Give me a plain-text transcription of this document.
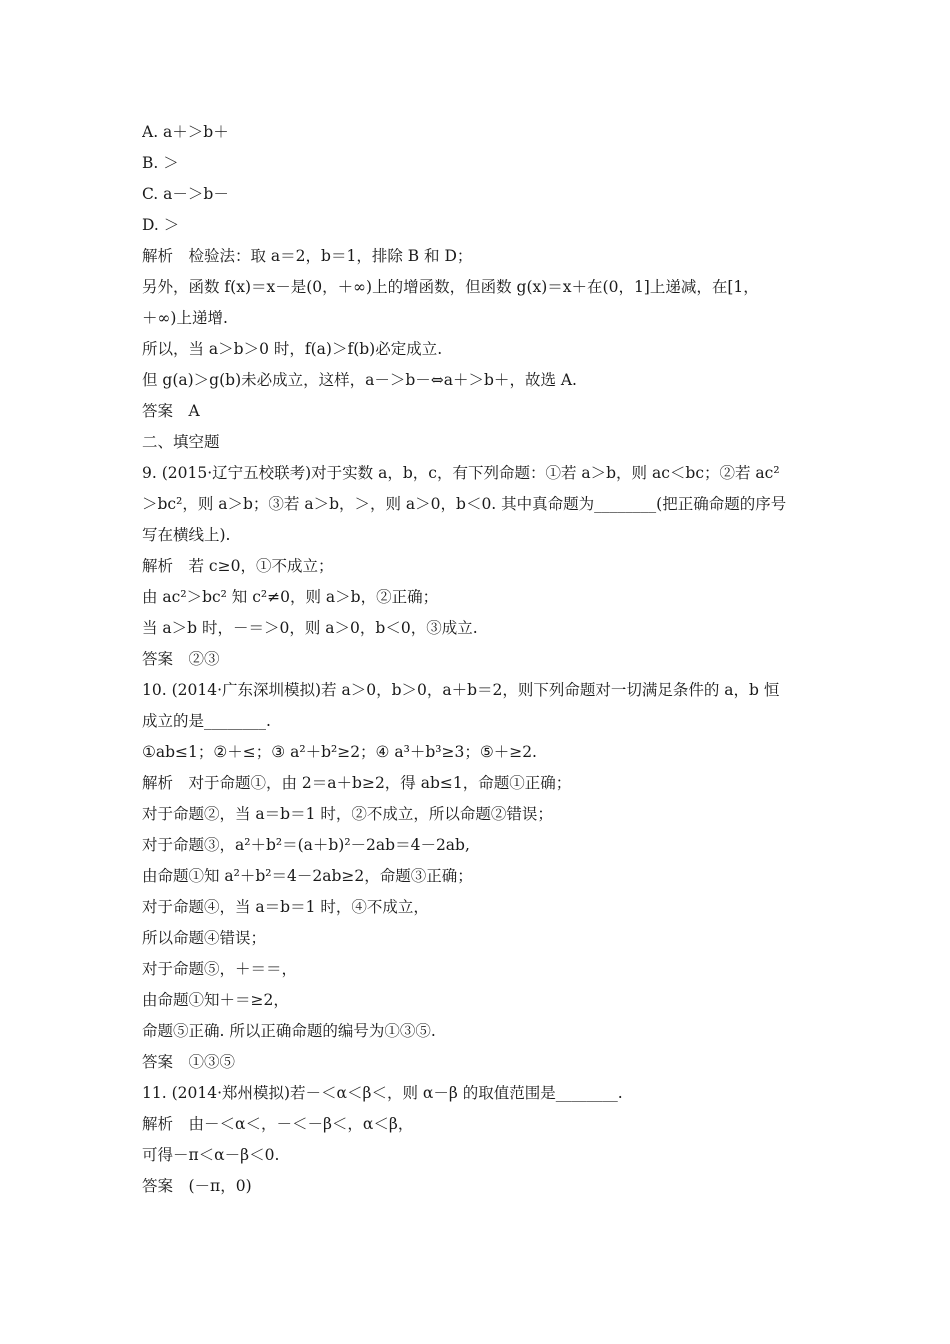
A. a＋＞b＋
B. ＞
C. a－＞b－
D. ＞
解析　检验法：取 a＝2，b＝1，排除 B 和 D；
另外，函数 f(x)＝x－是(0，＋∞)上的增函数，但函数 g(x)＝x＋在(0，1]上递减，在[1，
＋∞)上递增.
所以，当 a＞b＞0 时，f(a)＞f(b)必定成立.
但 g(a)＞g(b)未必成立，这样，a－＞b－⇔a＋＞b＋，故选 A.
答案　A
二、填空题
9. (2015·辽宁五校联考)对于实数 a，b，c，有下列命题：①若 a＞b，则 ac＜bc；②若 ac²
＞bc²，则 a＞b；③若 a＞b，＞，则 a＞0，b＜0. 其中真命题为________(把正确命题的序号
写在横线上).
解析　若 c≥0，①不成立；
由 ac²＞bc² 知 c²≠0，则 a＞b，②正确；
当 a＞b 时，－＝＞0，则 a＞0，b＜0，③成立.
答案　②③
10. (2014·广东深圳模拟)若 a＞0，b＞0，a＋b＝2，则下列命题对一切满足条件的 a，b 恒
成立的是________.
①ab≤1；②＋≤；③ a²＋b²≥2；④ a³＋b³≥3；⑤＋≥2.
解析　对于命题①，由 2＝a＋b≥2，得 ab≤1，命题①正确；
对于命题②，当 a＝b＝1 时，②不成立，所以命题②错误；
对于命题③，a²＋b²＝(a＋b)²－2ab＝4－2ab,
由命题①知 a²＋b²＝4－2ab≥2，命题③正确；
对于命题④，当 a＝b＝1 时，④不成立，
所以命题④错误；
对于命题⑤，＋＝＝，
由命题①知＋＝≥2，
命题⑤正确. 所以正确命题的编号为①③⑤.
答案　①③⑤
11. (2014·郑州模拟)若－＜α＜β＜，则 α－β 的取值范围是________.
解析　由－＜α＜，－＜－β＜，α＜β，
可得－π＜α－β＜0.
答案　(－π，0)
